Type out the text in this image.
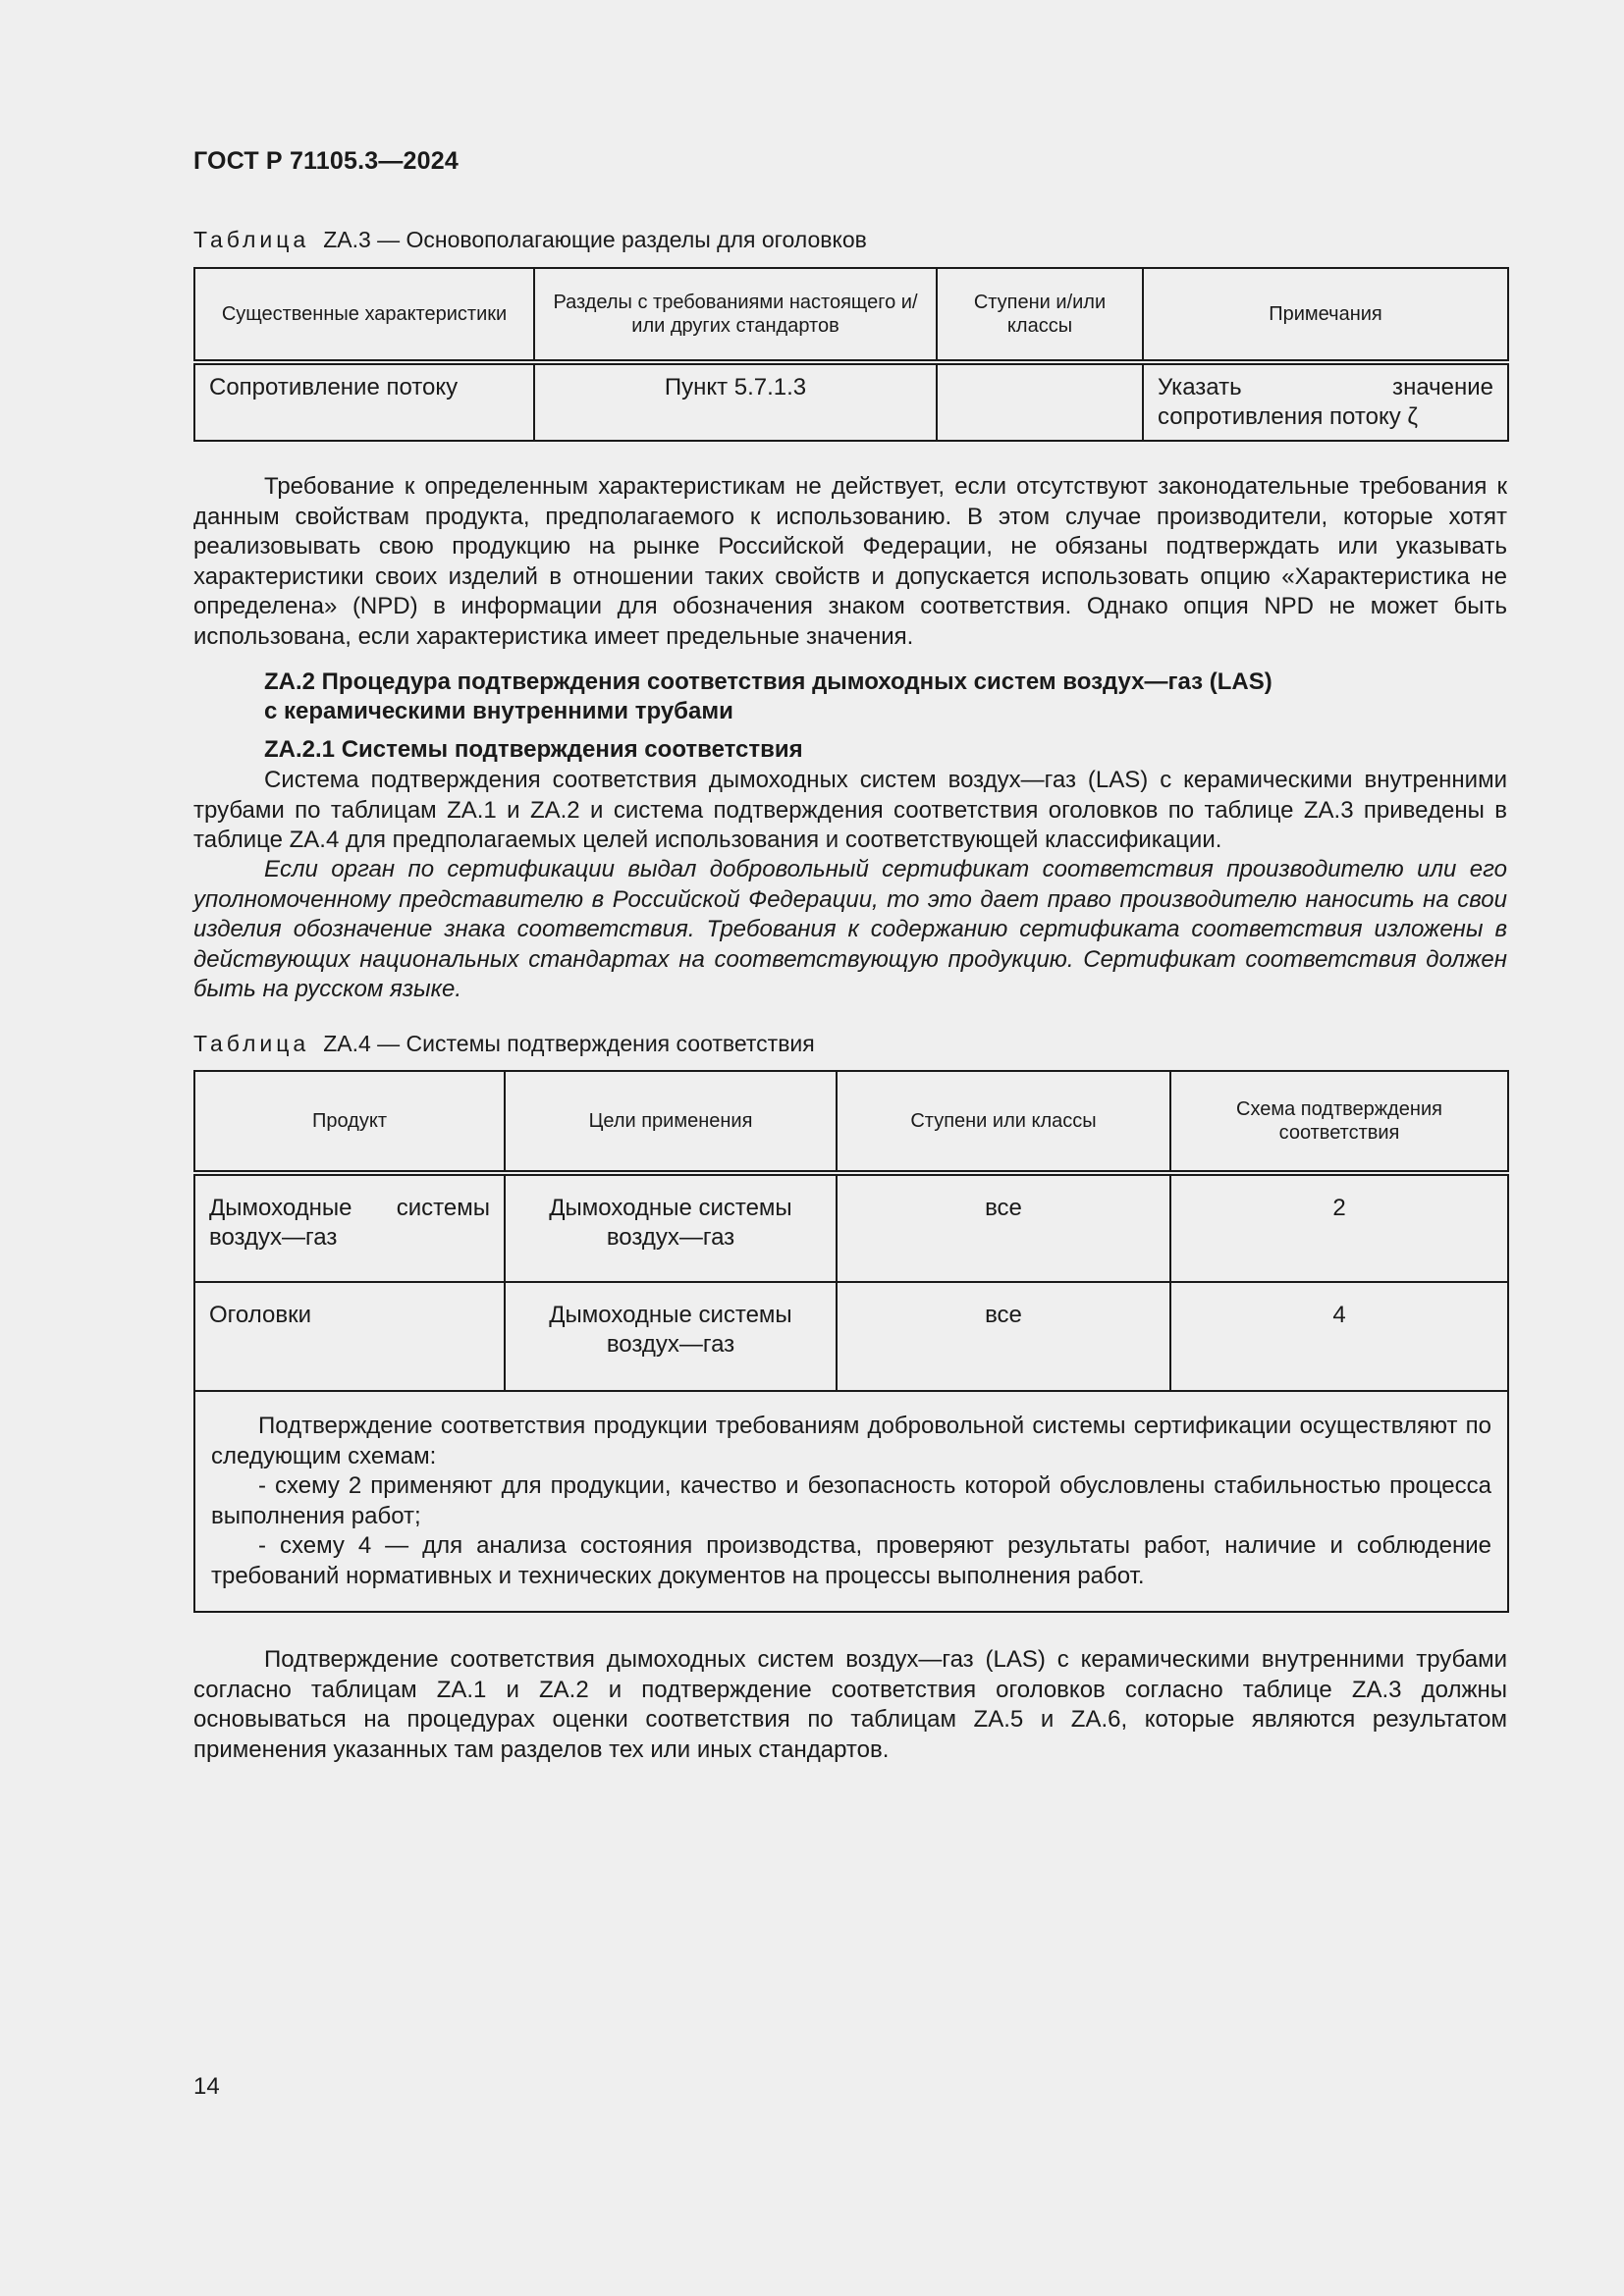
ГОСТ Р 71105.3—2024
Таблица ZA.3 — Основополагающие разделы для оголовков
Существенные характеристики	Разделы с требованиями настоящего и/или других стандартов	Ступени и/или классы	Примечания
Сопротивление потоку	Пункт 5.7.1.3		Указать значение сопротивления потоку ζ
Требование к определенным характеристикам не действует, если отсутствуют законодательные требования к данным свойствам продукта, предполагаемого к использованию. В этом случае производители, которые хотят реализовывать свою продукцию на рынке Российской Федерации, не обязаны подтверждать или указывать характеристики своих изделий в отношении таких свойств и допускается использовать опцию «Характеристика не определена» (NPD) в информации для обозначения знаком соответствия. Однако опция NPD не может быть использована, если характеристика имеет предельные значения.
ZA.2 Процедура подтверждения соответствия дымоходных систем воздух—газ (LAS)
с керамическими внутренними трубами
ZA.2.1 Системы подтверждения соответствия
Система подтверждения соответствия дымоходных систем воздух—газ (LAS) с керамическими внутренними трубами по таблицам ZA.1 и ZA.2 и система подтверждения соответствия оголовков по таблице ZA.3 приведены в таблице ZA.4 для предполагаемых целей использования и соответствующей классификации.
Если орган по сертификации выдал добровольный сертификат соответствия производителю или его уполномоченному представителю в Российской Федерации, то это дает право производителю наносить на свои изделия обозначение знака соответствия. Требования к содержанию сертификата соответствия изложены в действующих национальных стандартах на соответствующую продукцию. Сертификат соответствия должен быть на русском языке.
Таблица ZA.4 — Системы подтверждения соответствия
Продукт	Цели применения	Ступени или классы	Схема подтверждения соответствия

Дымоходные системы воздух—газ	Дымоходные системы воздух—газ	все	2
Оголовки	Дымоходные системы воздух—газ	все	4

Подтверждение соответствия продукции требованиям добровольной системы сертификации осуществляют по следующим схемам:

- схему 2 применяют для продукции, качество и безопасность которой обусловлены стабильностью процесса выполнения работ;

- схему 4 — для анализа состояния производства, проверяют результаты работ, наличие и соблюдение требований нормативных и технических документов на процессы выполнения работ.			

Подтверждение соответствия дымоходных систем воздух—газ (LAS) с керамическими внутренними трубами согласно таблицам ZA.1 и ZA.2 и подтверждение соответствия оголовков согласно таблице ZA.3 должны основываться на процедурах оценки соответствия по таблицам ZA.5 и ZA.6, которые являются результатом применения указанных там разделов тех или иных стандартов.
14
